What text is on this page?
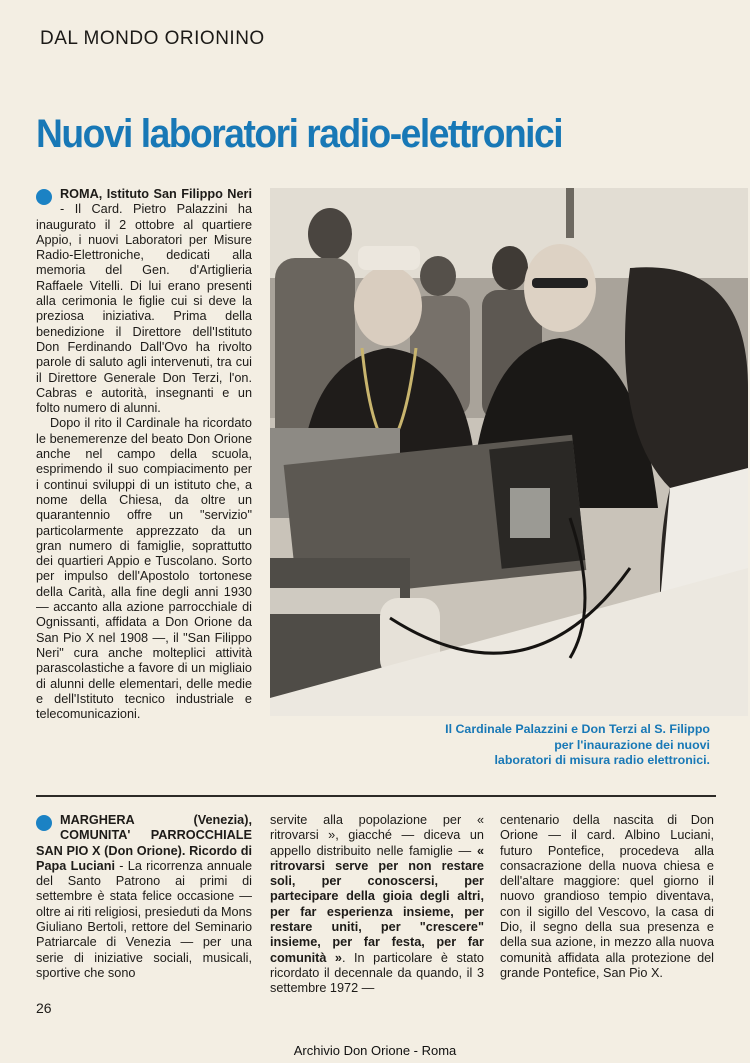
DAL MONDO ORIONINO
Nuovi laboratori radio-elettronici

ROMA, Istituto San Filippo Neri - Il Card. Pietro Palazzini ha inaugurato il 2 ottobre al quartiere Appio, i nuovi Laboratori per Misure Radio-Elettroniche, dedicati alla memoria del Gen. d'Artiglieria Raffaele Vitelli. Di lui erano presenti alla cerimonia le figlie cui si deve la preziosa iniziativa. Prima della benedizione il Direttore dell'Istituto Don Ferdinando Dall'Ovo ha rivolto parole di saluto agli intervenuti, tra cui il Direttore Generale Don Terzi, l'on. Cabras e autorità, insegnanti e un folto numero di alunni.

Dopo il rito il Cardinale ha ricordato le benemerenze del beato Don Orione anche nel campo della scuola, esprimendo il suo compiacimento per i continui sviluppi di un istituto che, a nome della Chiesa, da oltre un quarantennio offre un "servizio" particolarmente apprezzato da un gran numero di famiglie, soprattutto dei quartieri Appio e Tuscolano. Sorto per impulso dell'Apostolo tortonese della Carità, alla fine degli anni 1930 — accanto alla azione parrocchiale di Ognissanti, affidata a Don Orione da San Pio X nel 1908 —, il "San Filippo Neri" cura anche molteplici attività parascolastiche a favore di un migliaio di alunni delle elementari, delle medie e dell'Istituto tecnico industriale e telecomunicazioni.

Il Cardinale Palazzini e Don Terzi al S. Filippo
per l'inaurazione dei nuovi
laboratori di misura radio elettronici.

MARGHERA (Venezia), COMUNITA' PARROCCHIALE SAN PIO X (Don Orione). Ricordo di Papa Luciani - La ricorrenza annuale del Santo Patrono ai primi di settembre è stata felice occasione — oltre ai riti religiosi, presieduti da Mons Giuliano Bertoli, rettore del Seminario Patriarcale di Venezia — per una serie di iniziative sociali, musicali, sportive che sono

servite alla popolazione per « ritrovarsi », giacché — diceva un appello distribuito nelle famiglie — « ritrovarsi serve per non restare soli, per conoscersi, per partecipare della gioia degli altri, per far esperienza insieme, per restare uniti, per "crescere" insieme, per far festa, per far comunità ». In particolare è stato ricordato il decennale da quando, il 3 settembre 1972 —

centenario della nascita di Don Orione — il card. Albino Luciani, futuro Pontefice, procedeva alla consacrazione della nuova chiesa e dell'altare maggiore: quel giorno il nuovo grandioso tempio diventava, con il sigillo del Vescovo, la casa di Dio, il segno della sua presenza e della sua azione, in mezzo alla nuova comunità affidata alla protezione del grande Pontefice, San Pio X.

26
Archivio Don Orione - Roma
